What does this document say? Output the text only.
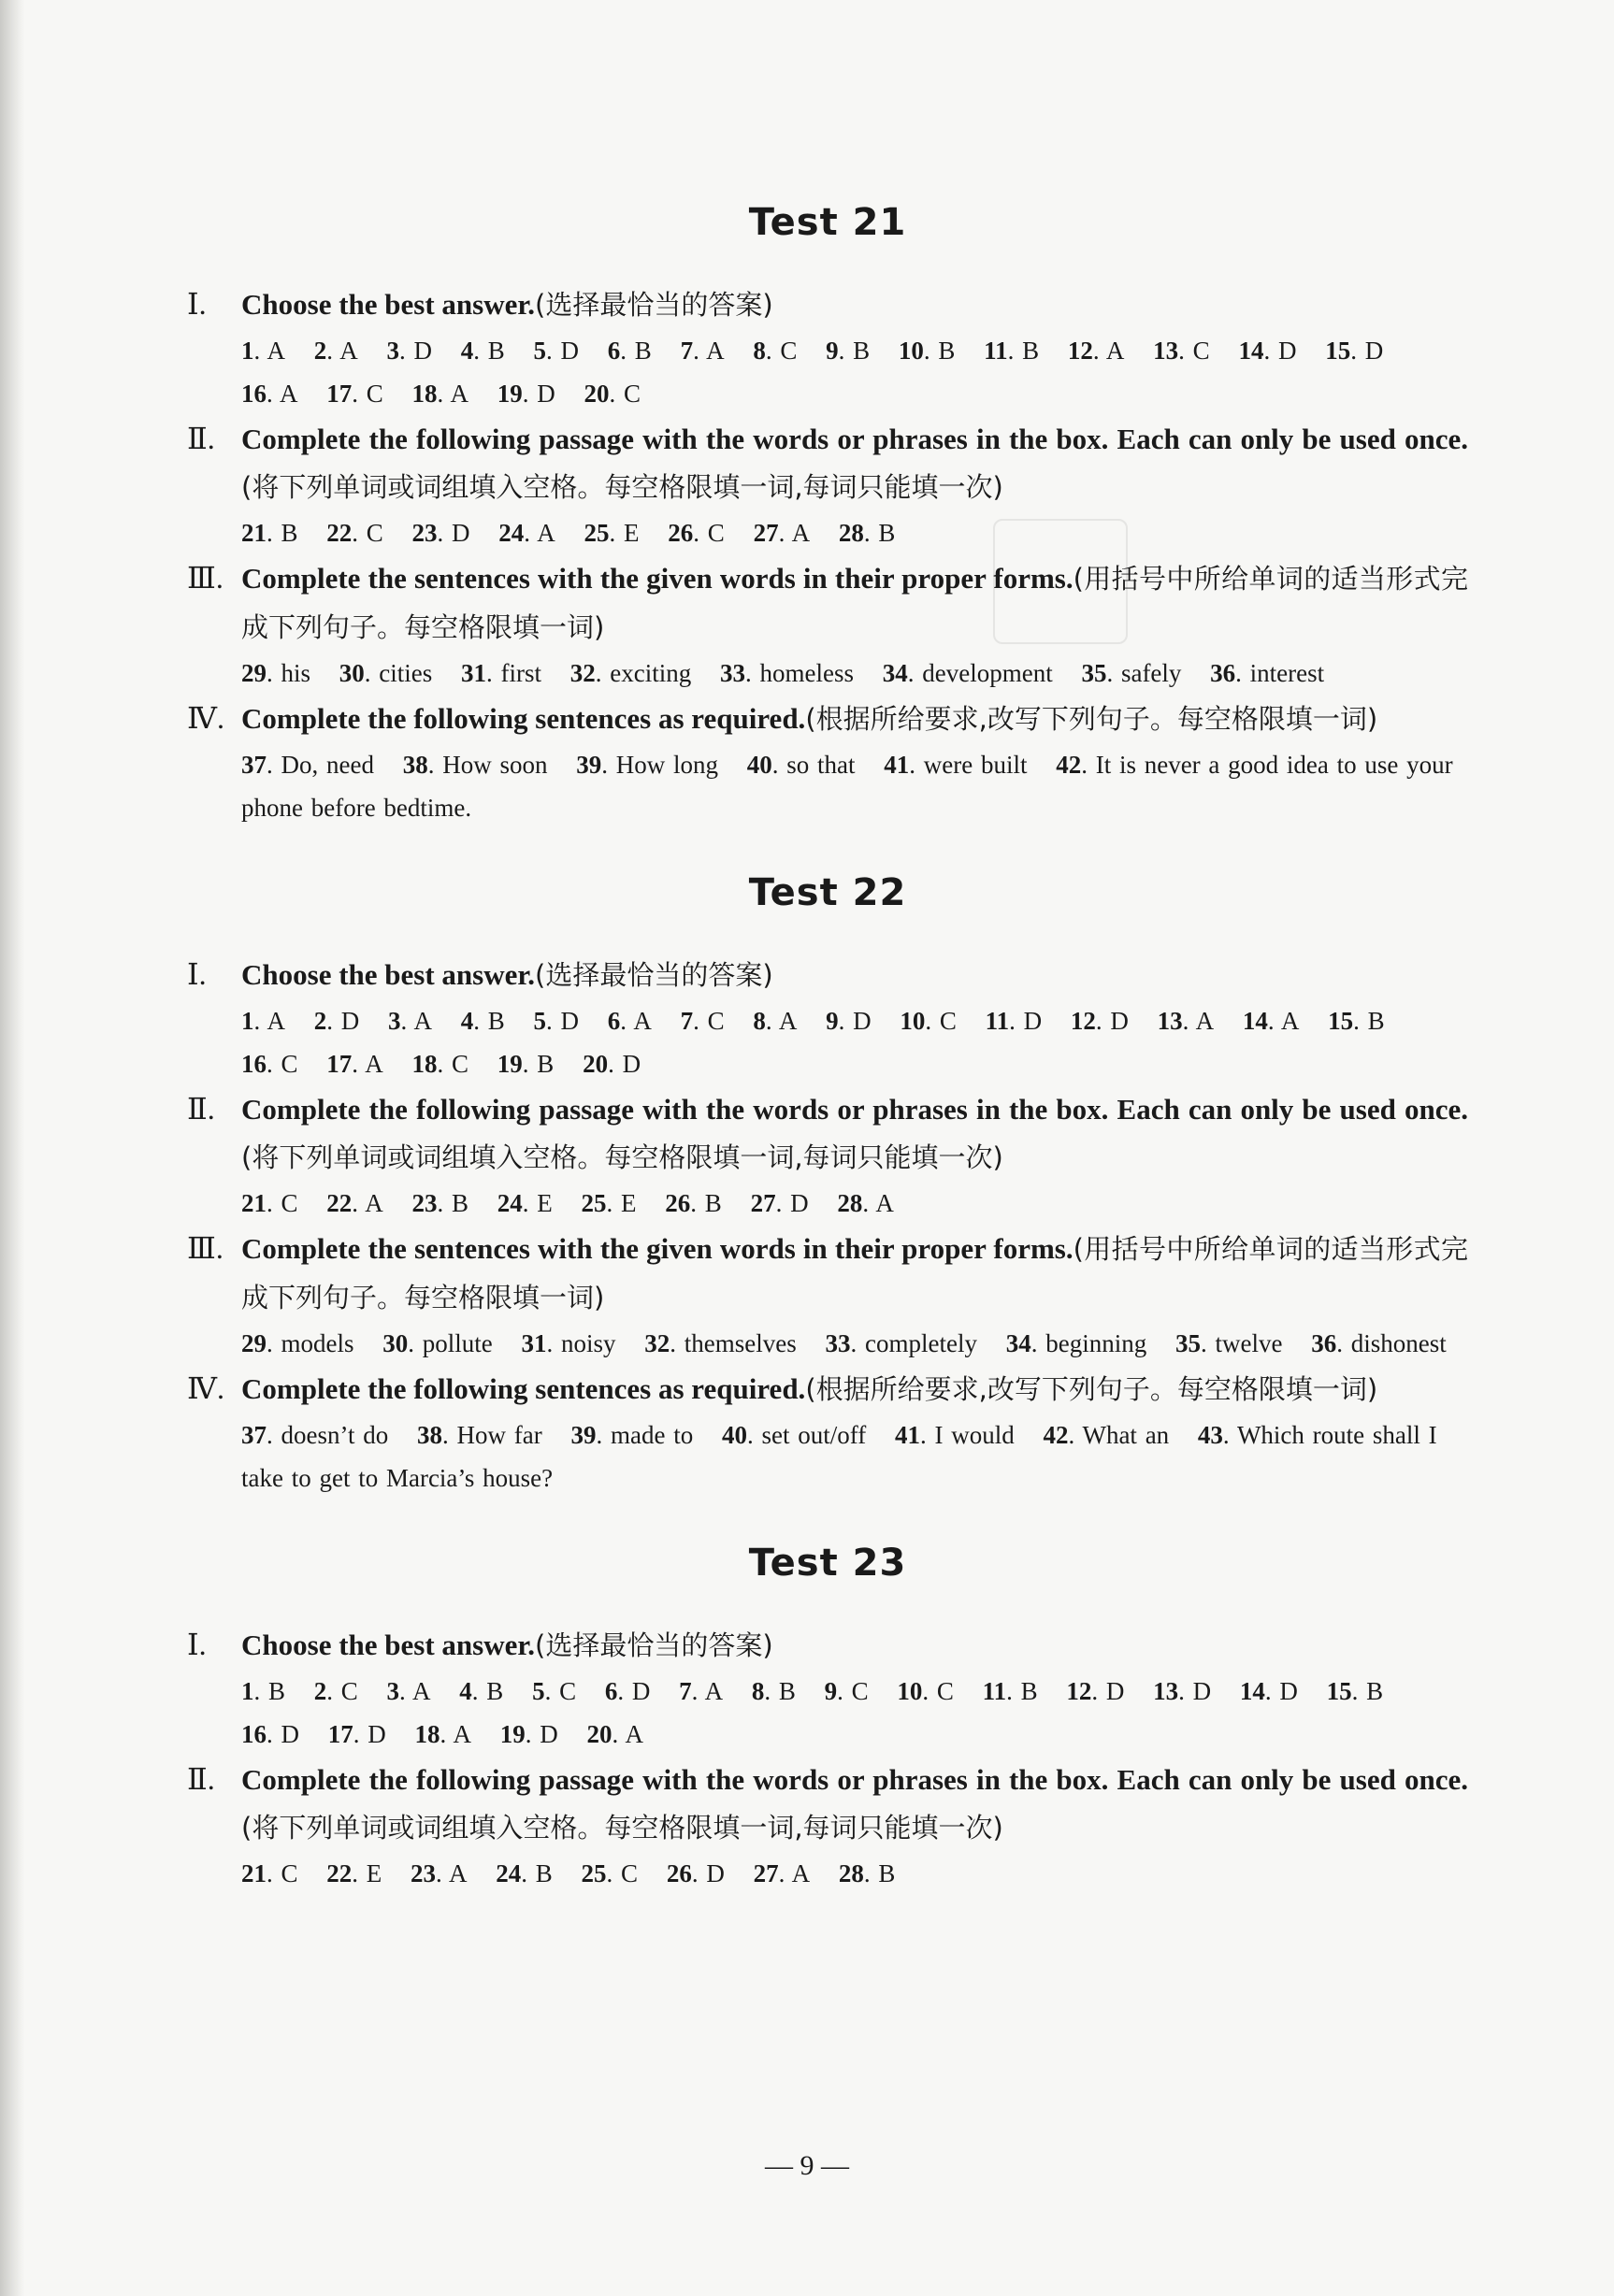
Test 21
Ⅰ. Choose the best answer.(选择最恰当的答案)
1. A 2. A 3. D 4. B 5. D 6. B 7. A 8. C 9. B 10. B 11. B 12. A 13. C 14. D 15. D 16. A 17. C 18. A 19. D 20. C
Ⅱ. Complete the following passage with the words or phrases in the box. Each can only be used once.(将下列单词或词组填入空格。每空格限填一词,每词只能填一次)
21. B 22. C 23. D 24. A 25. E 26. C 27. A 28. B
Ⅲ. Complete the sentences with the given words in their proper forms.(用括号中所给单词的适当形式完成下列句子。每空格限填一词)
29. his 30. cities 31. first 32. exciting 33. homeless 34. development 35. safely 36. interest
Ⅳ. Complete the following sentences as required.(根据所给要求,改写下列句子。每空格限填一词)
37. Do, need 38. How soon 39. How long 40. so that 41. were built 42. It is never a good idea to use your phone before bedtime.
Test 22
Ⅰ. Choose the best answer.(选择最恰当的答案)
1. A 2. D 3. A 4. B 5. D 6. A 7. C 8. A 9. D 10. C 11. D 12. D 13. A 14. A 15. B 16. C 17. A 18. C 19. B 20. D
Ⅱ. Complete the following passage with the words or phrases in the box. Each can only be used once.(将下列单词或词组填入空格。每空格限填一词,每词只能填一次)
21. C 22. A 23. B 24. E 25. E 26. B 27. D 28. A
Ⅲ. Complete the sentences with the given words in their proper forms.(用括号中所给单词的适当形式完成下列句子。每空格限填一词)
29. models 30. pollute 31. noisy 32. themselves 33. completely 34. beginning 35. twelve 36. dishonest
Ⅳ. Complete the following sentences as required.(根据所给要求,改写下列句子。每空格限填一词)
37. doesn’t do 38. How far 39. made to 40. set out/off 41. I would 42. What an 43. Which route shall I take to get to Marcia’s house?
Test 23
Ⅰ. Choose the best answer.(选择最恰当的答案)
1. B 2. C 3. A 4. B 5. C 6. D 7. A 8. B 9. C 10. C 11. B 12. D 13. D 14. D 15. B 16. D 17. D 18. A 19. D 20. A
Ⅱ. Complete the following passage with the words or phrases in the box. Each can only be used once.(将下列单词或词组填入空格。每空格限填一词,每词只能填一次)
21. C 22. E 23. A 24. B 25. C 26. D 27. A 28. B
— 9 —
